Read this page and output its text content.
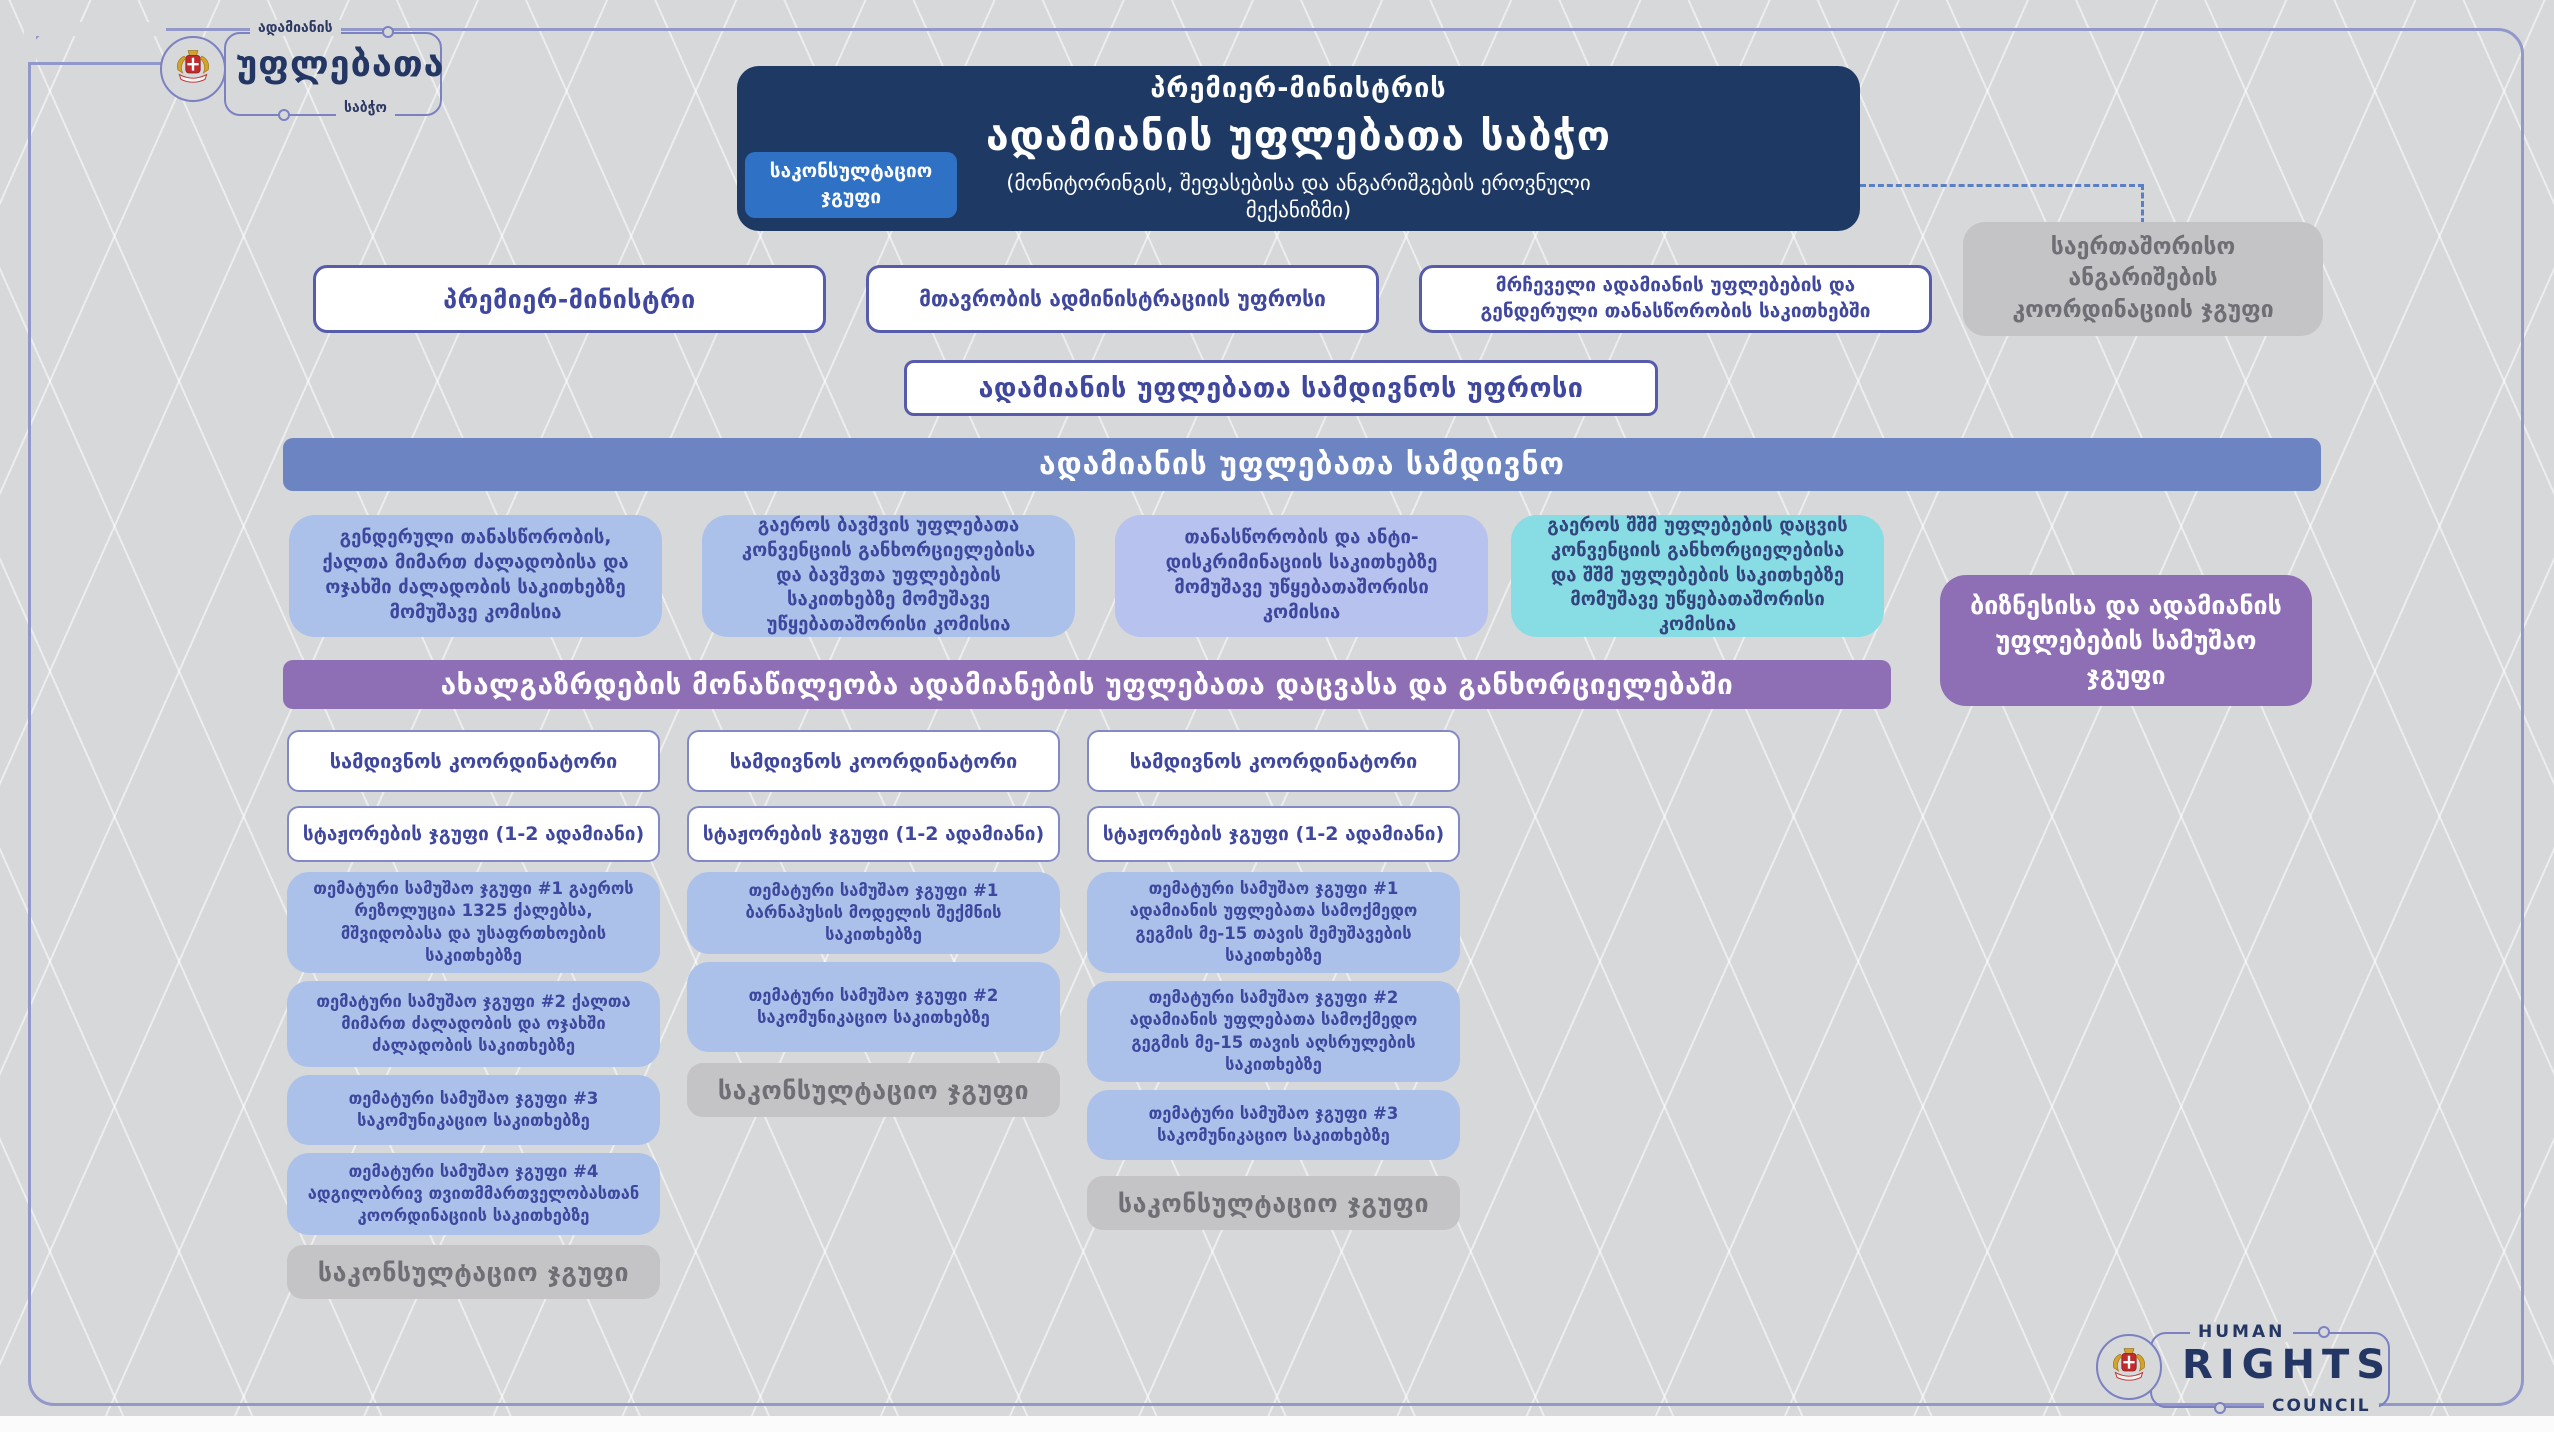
ადამიანის
უფლებათა
საბჭო
პრემიერ-მინისტრის
ადამიანის უფლებათა საბჭო
(მონიტორინგის, შეფასებისა და ანგარიშგების ეროვნული მექანიზმი)
საკონსულტაციო ჯგუფი
საერთაშორისო ანგარიშების კოორდინაციის ჯგუფი
პრემიერ-მინისტრი	მთავრობის ადმინისტრაციის უფროსი
მრჩეველი ადამიანის უფლებების და გენდერული თანასწორობის საკითხებში
ადამიანის უფლებათა სამდივნოს უფროსი
ადამიანის უფლებათა სამდივნო
გენდერული თანასწორობის, ქალთა მიმართ ძალადობისა და ოჯახში ძალადობის საკითხებზე მომუშავე კომისია
გაეროს ბავშვის უფლებათა კონვენციის განხორციელებისა და ბავშვთა უფლებების საკითხებზე მომუშავე უწყებათაშორისი კომისია
თანასწორობის და ანტი-დისკრიმინაციის საკითხებზე მომუშავე უწყებათაშორისი კომისია
გაეროს შშმ უფლებების დაცვის კონვენციის განხორციელებისა და შშმ უფლებების საკითხებზე მომუშავე უწყებათაშორისი კომისია
ბიზნესისა და ადამიანის უფლებების სამუშაო ჯგუფი
ახალგაზრდების მონაწილეობა ადამიანების უფლებათა დაცვასა და განხორციელებაში
სამდივნოს კოორდინატორი
სტაჟორების ჯგუფი (1-2 ადამიანი)
თემატური სამუშაო ჯგუფი #1 გაეროს რეზოლუცია 1325 ქალებსა, მშვიდობასა და უსაფრთხოების საკითხებზე
თემატური სამუშაო ჯგუფი #2 ქალთა მიმართ ძალადობის და ოჯახში ძალადობის საკითხებზე
თემატური სამუშაო ჯგუფი #3 საკომუნიკაციო საკითხებზე
თემატური სამუშაო ჯგუფი #4 ადგილობრივ თვითმმართველობასთან კოორდინაციის საკითხებზე
საკონსულტაციო ჯგუფი
სამდივნოს კოორდინატორი
სტაჟორების ჯგუფი (1-2 ადამიანი)
თემატური სამუშაო ჯგუფი #1 ბარნაჰუსის მოდელის შექმნის საკითხებზე
თემატური სამუშაო ჯგუფი #2 საკომუნიკაციო საკითხებზე
საკონსულტაციო ჯგუფი
სამდივნოს კოორდინატორი
სტაჟორების ჯგუფი (1-2 ადამიანი)
თემატური სამუშაო ჯგუფი #1 ადამიანის უფლებათა სამოქმედო გეგმის მე-15 თავის შემუშავების საკითხებზე
თემატური სამუშაო ჯგუფი #2 ადამიანის უფლებათა სამოქმედო გეგმის მე-15 თავის აღსრულების საკითხებზე
თემატური სამუშაო ჯგუფი #3 საკომუნიკაციო საკითხებზე
საკონსულტაციო ჯგუფი
HUMAN
RIGHTS
COUNCIL
